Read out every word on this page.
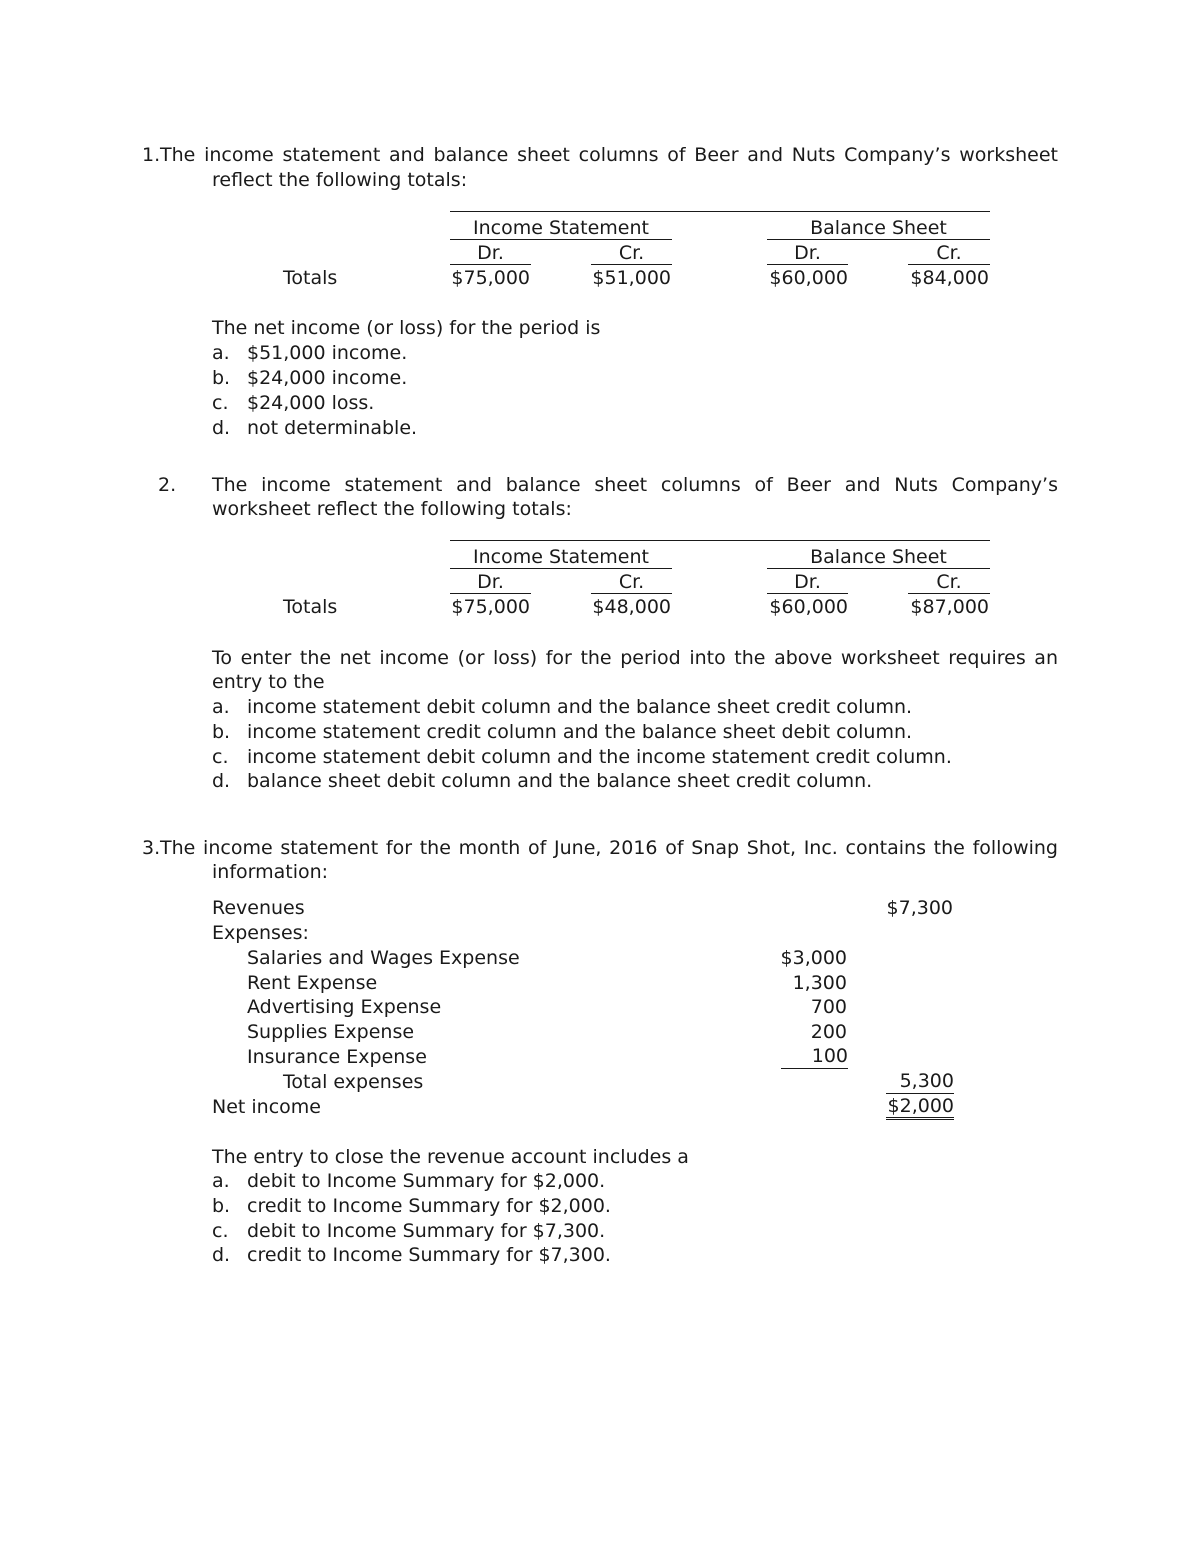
1. The income statement and balance sheet columns of Beer and Nuts Company’s worksheet
reflect the following totals:
Income Statement	Balance Sheet
Dr.	Cr.	Dr.	Cr.
Totals	$75,000	$51,000	$60,000	$84,000
The net income (or loss) for the period is
a. $51,000 income.
b. $24,000 income.
c. $24,000 loss.
d. not determinable.
2. The income statement and balance sheet columns of Beer and Nuts Company’s
worksheet reflect the following totals:
Income Statement	Balance Sheet
Dr.	Cr.	Dr.	Cr.
Totals	$75,000	$48,000	$60,000	$87,000
To enter the net income (or loss) for the period into the above worksheet requires an
entry to the
a. income statement debit column and the balance sheet credit column.
b. income statement credit column and the balance sheet debit column.
c. income statement debit column and the income statement credit column.
d. balance sheet debit column and the balance sheet credit column.
3. The income statement for the month of June, 2016 of Snap Shot, Inc. contains the following
information:
Revenues	$7,300
Expenses:
Salaries and Wages Expense	$3,000
Rent Expense	1,300
Advertising Expense	700
Supplies Expense	200
Insurance Expense	100
Total expenses	5,300
Net income	$2,000
The entry to close the revenue account includes a
a. debit to Income Summary for $2,000.
b. credit to Income Summary for $2,000.
c. debit to Income Summary for $7,300.
d. credit to Income Summary for $7,300.
